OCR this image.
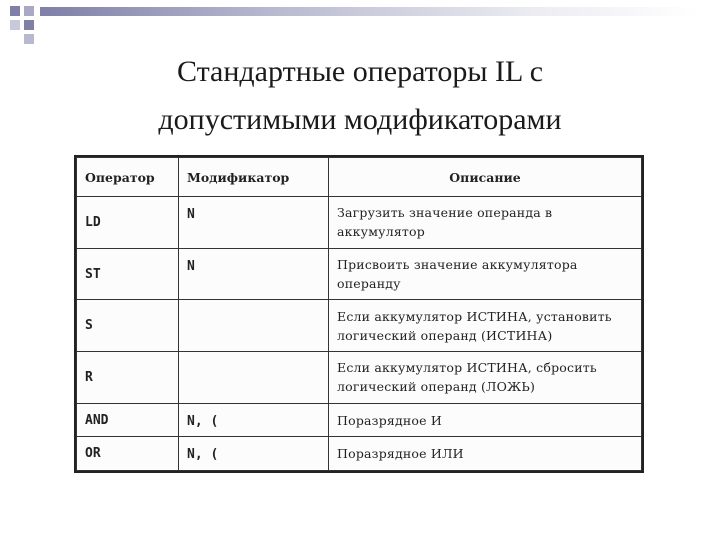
Стандартные операторы IL с
допустимыми модификаторами
Оператор	Модификатор	Описание
LD	N	Загрузить значение операнда в аккумулятор
ST	N	Присвоить значение аккумулятора операнду
S		Если аккумулятор ИСТИНА, установить логический операнд (ИСТИНА)
R		Если аккумулятор ИСТИНА, сбросить логический операнд (ЛОЖЬ)
AND	N, (	Поразрядное И
OR	N, (	Поразрядное ИЛИ
